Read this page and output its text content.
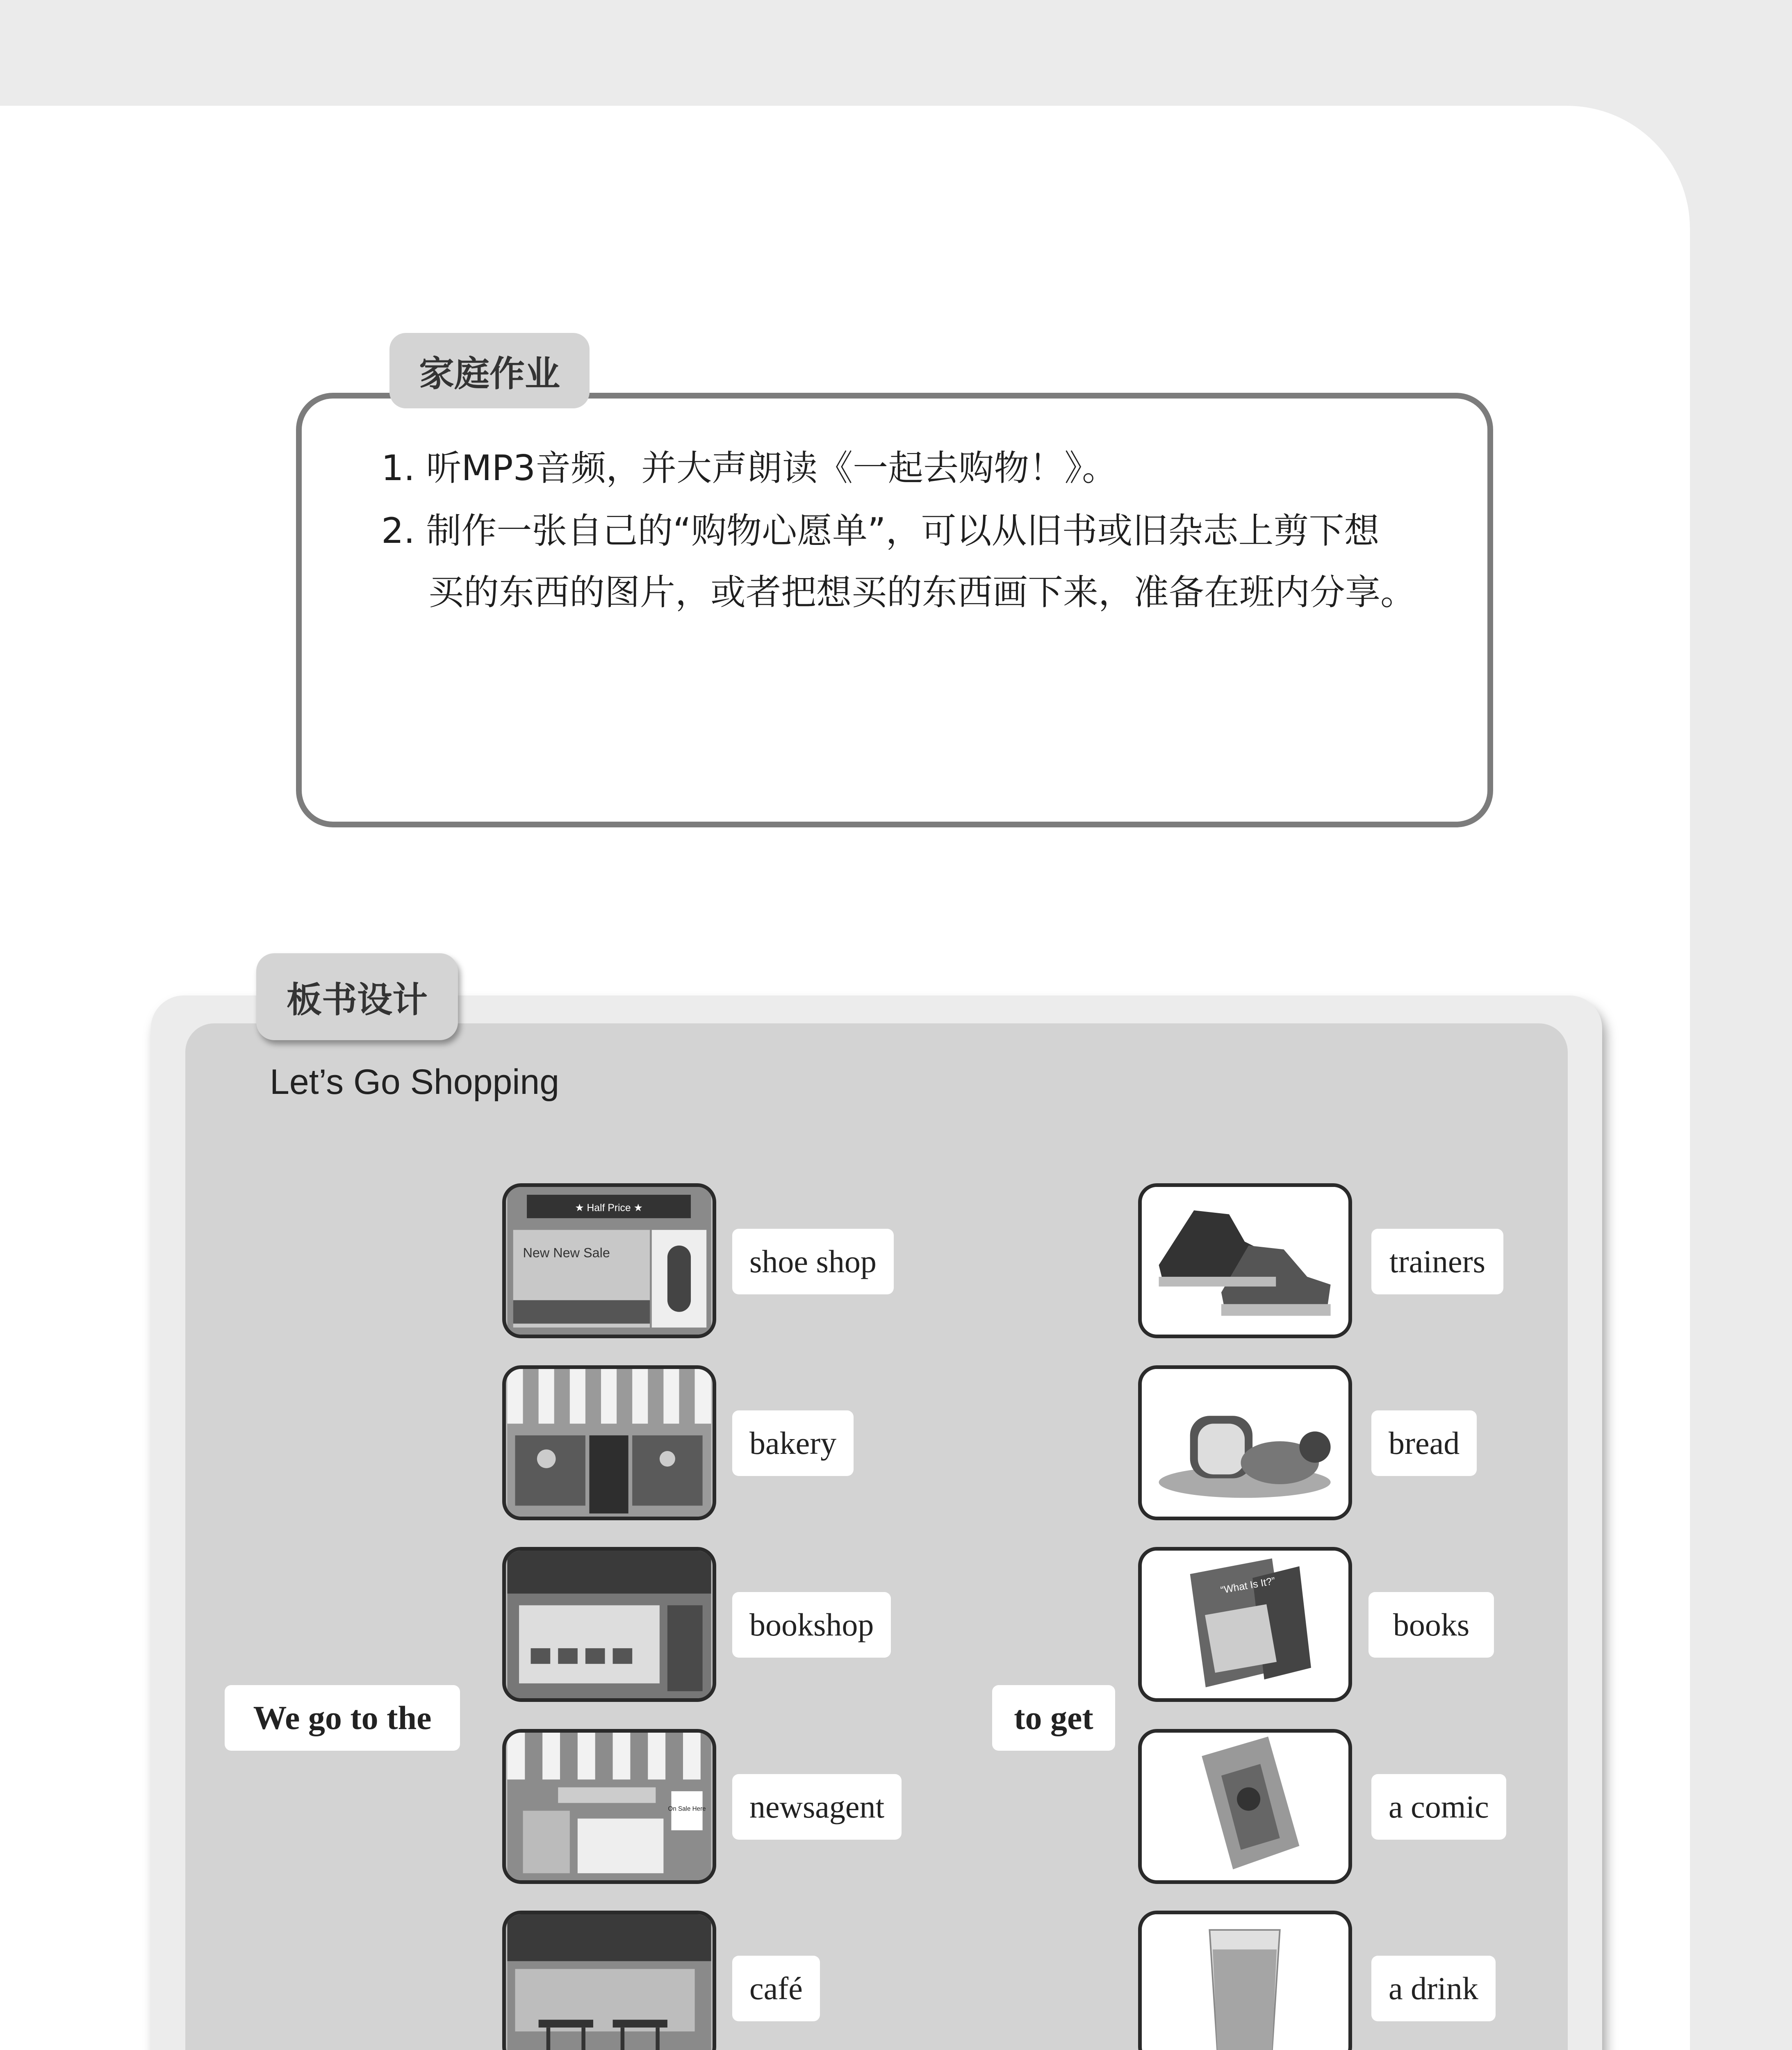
家庭作业
1. 听MP3音频，并大声朗读《一起去购物！》。
2. 制作一张自己的“购物心愿单”，可以从旧书或旧杂志上剪下想
买的东西的图片，或者把想买的东西画下来，准备在班内分享。
板书设计
Let’s Go Shopping
We go to the	to get
★ Half Price ★
New New Sale
On Sale Here
shoe shop
bakery
bookshop
newsagent
café
“What Is It?”
trainers
bread
books
a comic
a drink
